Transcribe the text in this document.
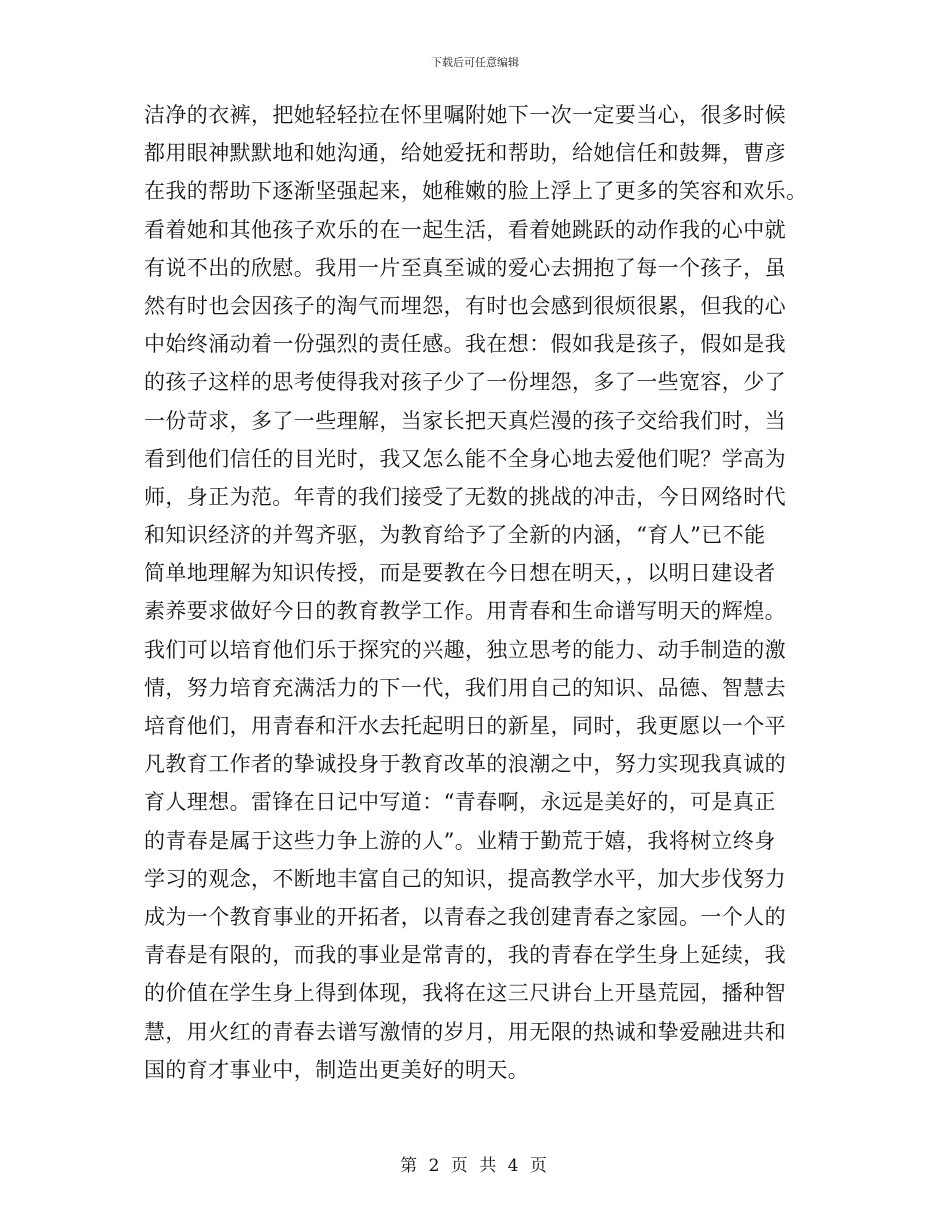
下载后可任意编辑
洁净的衣裤，把她轻轻拉在怀里嘱附她下一次一定要当心，很多时候
都用眼神默默地和她沟通，给她爱抚和帮助，给她信任和鼓舞，曹彦
在我的帮助下逐渐坚强起来，她稚嫩的脸上浮上了更多的笑容和欢乐。
看着她和其他孩子欢乐的在一起生活，看着她跳跃的动作我的心中就
有说不出的欣慰。我用一片至真至诚的爱心去拥抱了每一个孩子，虽
然有时也会因孩子的淘气而埋怨，有时也会感到很烦很累，但我的心
中始终涌动着一份强烈的责任感。我在想：假如我是孩子，假如是我
的孩子这样的思考使得我对孩子少了一份埋怨，多了一些宽容，少了
一份苛求，多了一些理解，当家长把天真烂漫的孩子交给我们时，当
看到他们信任的目光时，我又怎么能不全身心地去爱他们呢？学高为
师，身正为范。年青的我们接受了无数的挑战的冲击，今日网络时代
和知识经济的并驾齐驱，为教育给予了全新的内涵，“育人”已不能
简单地理解为知识传授，而是要教在今日想在明天，，以明日建设者
素养要求做好今日的教育教学工作。用青春和生命谱写明天的辉煌。
我们可以培育他们乐于探究的兴趣，独立思考的能力、动手制造的激
情，努力培育充满活力的下一代，我们用自己的知识、品德、智慧去
培育他们，用青春和汗水去托起明日的新星，同时，我更愿以一个平
凡教育工作者的挚诚投身于教育改革的浪潮之中，努力实现我真诚的
育人理想。雷锋在日记中写道：“青春啊，永远是美好的，可是真正
的青春是属于这些力争上游的人”。业精于勤荒于嬉，我将树立终身
学习的观念，不断地丰富自己的知识，提高教学水平，加大步伐努力
成为一个教育事业的开拓者，以青春之我创建青春之家园。一个人的
青春是有限的，而我的事业是常青的，我的青春在学生身上延续，我
的价值在学生身上得到体现，我将在这三尺讲台上开垦荒园，播种智
慧，用火红的青春去谱写激情的岁月，用无限的热诚和挚爱融进共和
国的育才事业中，制造出更美好的明天。
第 2 页 共 4 页
